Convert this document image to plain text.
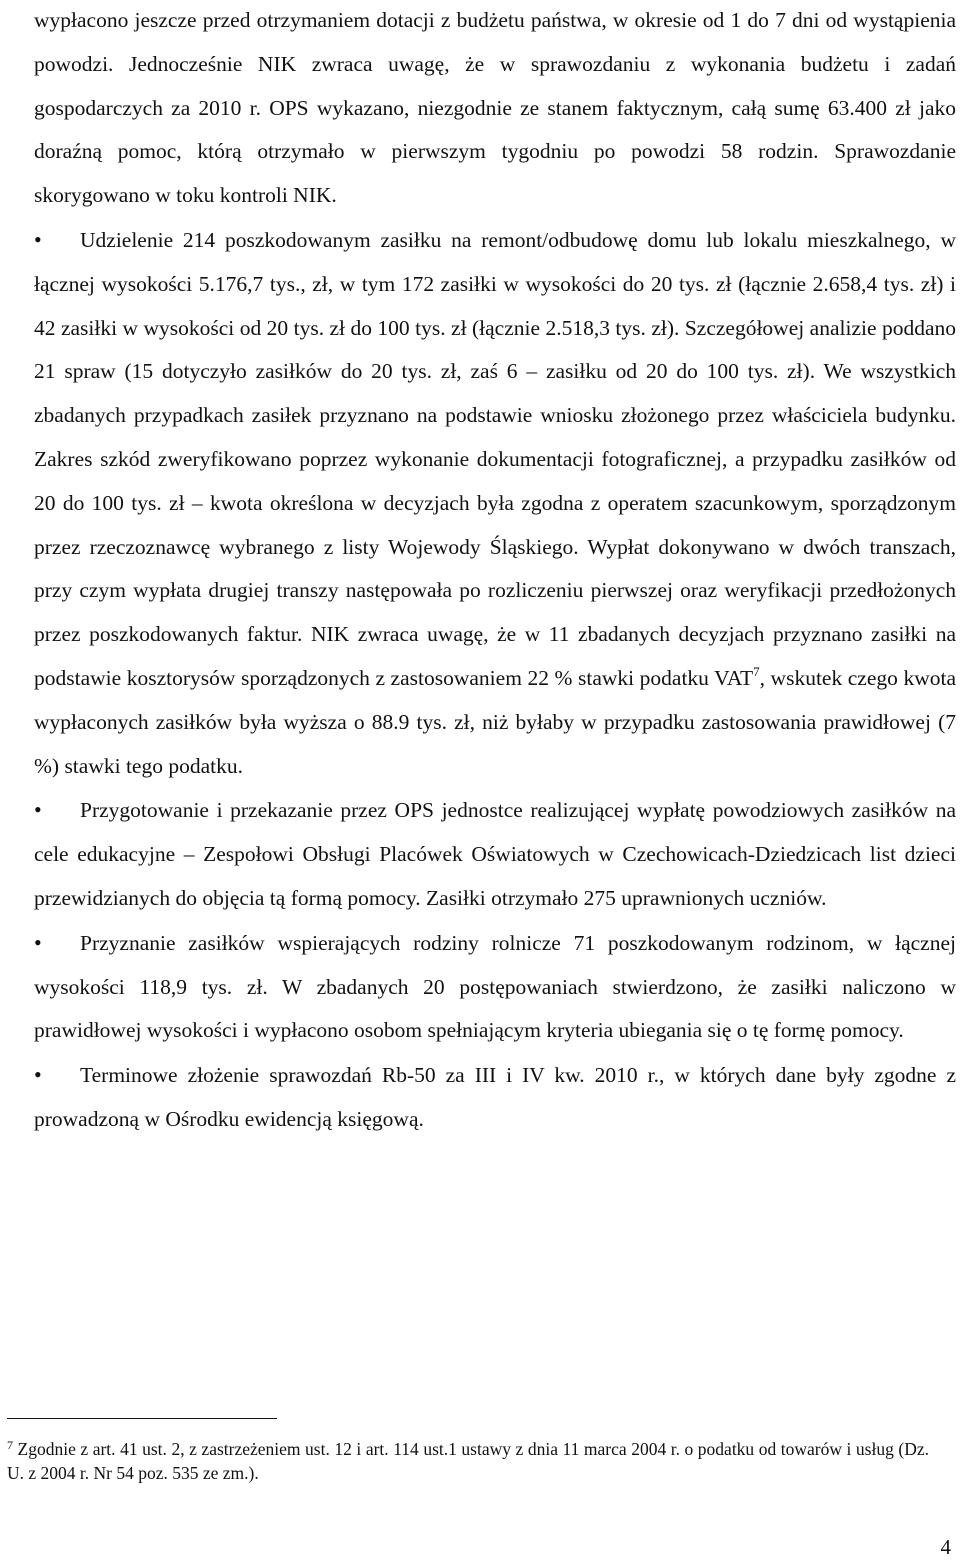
wypłacono jeszcze przed otrzymaniem dotacji z budżetu państwa, w okresie od 1 do 7 dni od wystąpienia powodzi. Jednocześnie NIK zwraca uwagę, że w sprawozdaniu z wykonania budżetu i zadań gospodarczych za 2010 r. OPS wykazano, niezgodnie ze stanem faktycznym, całą sumę 63.400 zł jako doraźną pomoc, którą otrzymało w pierwszym tygodniu po powodzi 58 rodzin. Sprawozdanie skorygowano w toku kontroli NIK.

• Udzielenie 214 poszkodowanym zasiłku na remont/odbudowę domu lub lokalu mieszkalnego, w łącznej wysokości 5.176,7 tys., zł, w tym 172 zasiłki w wysokości do 20 tys. zł (łącznie 2.658,4 tys. zł) i 42 zasiłki w wysokości od 20 tys. zł do 100 tys. zł (łącznie 2.518,3 tys. zł). Szczegółowej analizie poddano 21 spraw (15 dotyczyło zasiłków do 20 tys. zł, zaś 6 – zasiłku od 20 do 100 tys. zł). We wszystkich zbadanych przypadkach zasiłek przyznano na podstawie wniosku złożonego przez właściciela budynku. Zakres szkód zweryfikowano poprzez wykonanie dokumentacji fotograficznej, a przypadku zasiłków od 20 do 100 tys. zł – kwota określona w decyzjach była zgodna z operatem szacunkowym, sporządzonym przez rzeczoznawcę wybranego z listy Wojewody Śląskiego. Wypłat dokonywano w dwóch transzach, przy czym wypłata drugiej transzy następowała po rozliczeniu pierwszej oraz weryfikacji przedłożonych przez poszkodowanych faktur. NIK zwraca uwagę, że w 11 zbadanych decyzjach przyznano zasiłki na podstawie kosztorysów sporządzonych z zastosowaniem 22 % stawki podatku VAT$^7$, wskutek czego kwota wypłaconych zasiłków była wyższa o 88.9 tys. zł, niż byłaby w przypadku zastosowania prawidłowej (7 %) stawki tego podatku.

• Przygotowanie i przekazanie przez OPS jednostce realizującej wypłatę powodziowych zasiłków na cele edukacyjne – Zespołowi Obsługi Placówek Oświatowych w Czechowicach-Dziedzicach list dzieci przewidzianych do objęcia tą formą pomocy. Zasiłki otrzymało 275 uprawnionych uczniów.

• Przyznanie zasiłków wspierających rodziny rolnicze 71 poszkodowanym rodzinom, w łącznej wysokości 118,9 tys. zł. W zbadanych 20 postępowaniach stwierdzono, że zasiłki naliczono w prawidłowej wysokości i wypłacono osobom spełniającym kryteria ubiegania się o tę formę pomocy.

• Terminowe złożenie sprawozdań Rb-50 za III i IV kw. 2010 r., w których dane były zgodne z prowadzoną w Ośrodku ewidencją księgową.

$^7$ Zgodnie z art. 41 ust. 2, z zastrzeżeniem ust. 12 i art. 114 ust.1 ustawy z dnia 11 marca 2004 r. o podatku od towarów i usług (Dz. U. z 2004 r. Nr 54 poz. 535 ze zm.).

4
